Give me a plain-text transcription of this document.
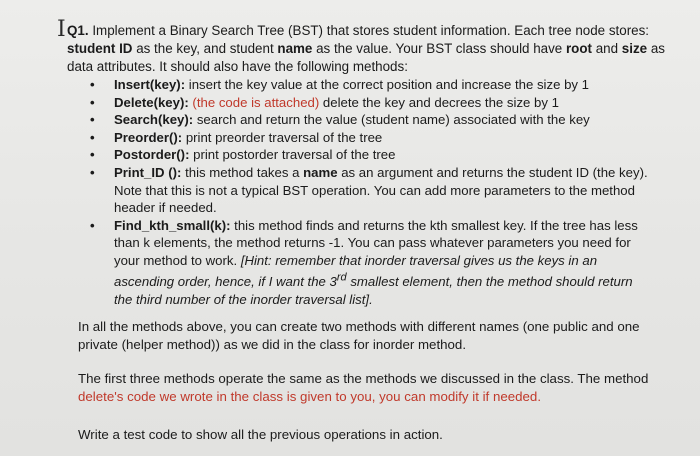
I Q1. Implement a Binary Search Tree (BST) that stores student information. Each tree node stores: student ID as the key, and student name as the value. Your BST class should have root and size as data attributes. It should also have the following methods:

• Insert(key): insert the key value at the correct position and increase the size by 1
• Delete(key): (the code is attached) delete the key and decrees the size by 1
• Search(key): search and return the value (student name) associated with the key
• Preorder(): print preorder traversal of the tree
• Postorder(): print postorder traversal of the tree
• Print_ID (): this method takes a name as an argument and returns the student ID (the key). Note that this is not a typical BST operation. You can add more parameters to the method header if needed.
• Find_kth_small(k): this method finds and returns the kth smallest key. If the tree has less than k elements, the method returns -1. You can pass whatever parameters you need for your method to work. [Hint: remember that inorder traversal gives us the keys in an ascending order, hence, if I want the 3rd smallest element, then the method should return the third number of the inorder traversal list].

In all the methods above, you can create two methods with different names (one public and one private (helper method)) as we did in the class for inorder method.

The first three methods operate the same as the methods we discussed in the class. The method delete's code we wrote in the class is given to you, you can modify it if needed.

Write a test code to show all the previous operations in action.
